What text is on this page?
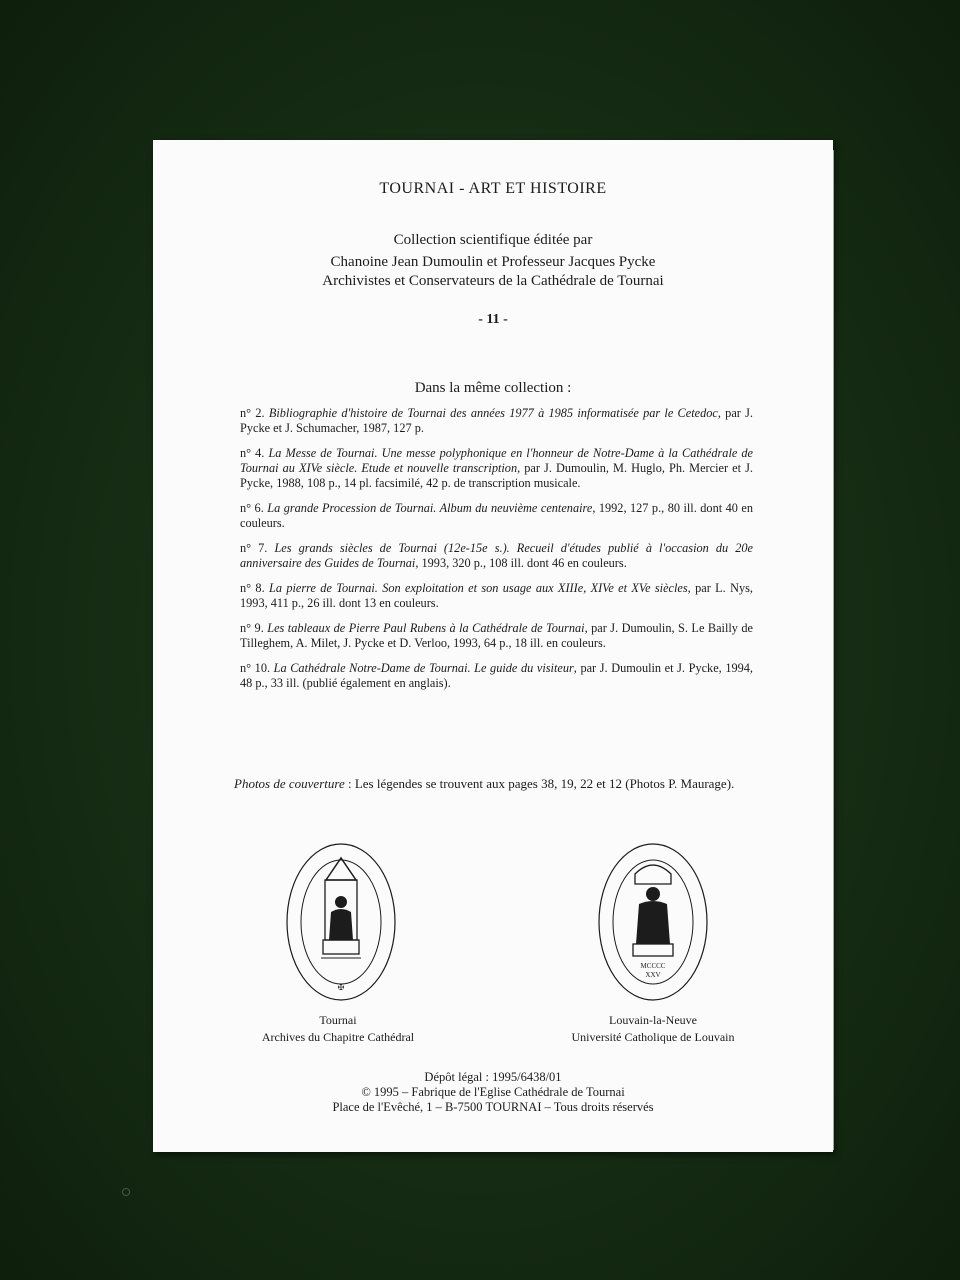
TOURNAI - ART ET HISTOIRE
Collection scientifique éditée par
Chanoine Jean Dumoulin et Professeur Jacques Pycke
Archivistes et Conservateurs de la Cathédrale de Tournai
- 11 -
Dans la même collection :

n° 2. Bibliographie d'histoire de Tournai des années 1977 à 1985 informatisée par le Cetedoc, par J. Pycke et J. Schumacher, 1987, 127 p.

n° 4. La Messe de Tournai. Une messe polyphonique en l'honneur de Notre-Dame à la Cathédrale de Tournai au XIVe siècle. Etude et nouvelle transcription, par J. Dumoulin, M. Huglo, Ph. Mercier et J. Pycke, 1988, 108 p., 14 pl. facsimilé, 42 p. de transcription musicale.

n° 6. La grande Procession de Tournai. Album du neuvième centenaire, 1992, 127 p., 80 ill. dont 40 en couleurs.

n° 7. Les grands siècles de Tournai (12e-15e s.). Recueil d'études publié à l'occasion du 20e anniversaire des Guides de Tournai, 1993, 320 p., 108 ill. dont 46 en couleurs.

n° 8. La pierre de Tournai. Son exploitation et son usage aux XIIIe, XIVe et XVe siècles, par L. Nys, 1993, 411 p., 26 ill. dont 13 en couleurs.

n° 9. Les tableaux de Pierre Paul Rubens à la Cathédrale de Tournai, par J. Dumoulin, S. Le Bailly de Tilleghem, A. Milet, J. Pycke et D. Verloo, 1993, 64 p., 18 ill. en couleurs.

n° 10. La Cathédrale Notre-Dame de Tournai. Le guide du visiteur, par J. Dumoulin et J. Pycke, 1994, 48 p., 33 ill. (publié également en anglais).

Photos de couverture : Les légendes se trouvent aux pages 38, 19, 22 et 12 (Photos P. Maurage).
✠
MCCCC
XXV
Tournai
Archives du Chapitre Cathédral
Louvain-la-Neuve
Université Catholique de Louvain
Dépôt légal : 1995/6438/01
© 1995 – Fabrique de l'Eglise Cathédrale de Tournai
Place de l'Evêché, 1 – B-7500 TOURNAI – Tous droits réservés
